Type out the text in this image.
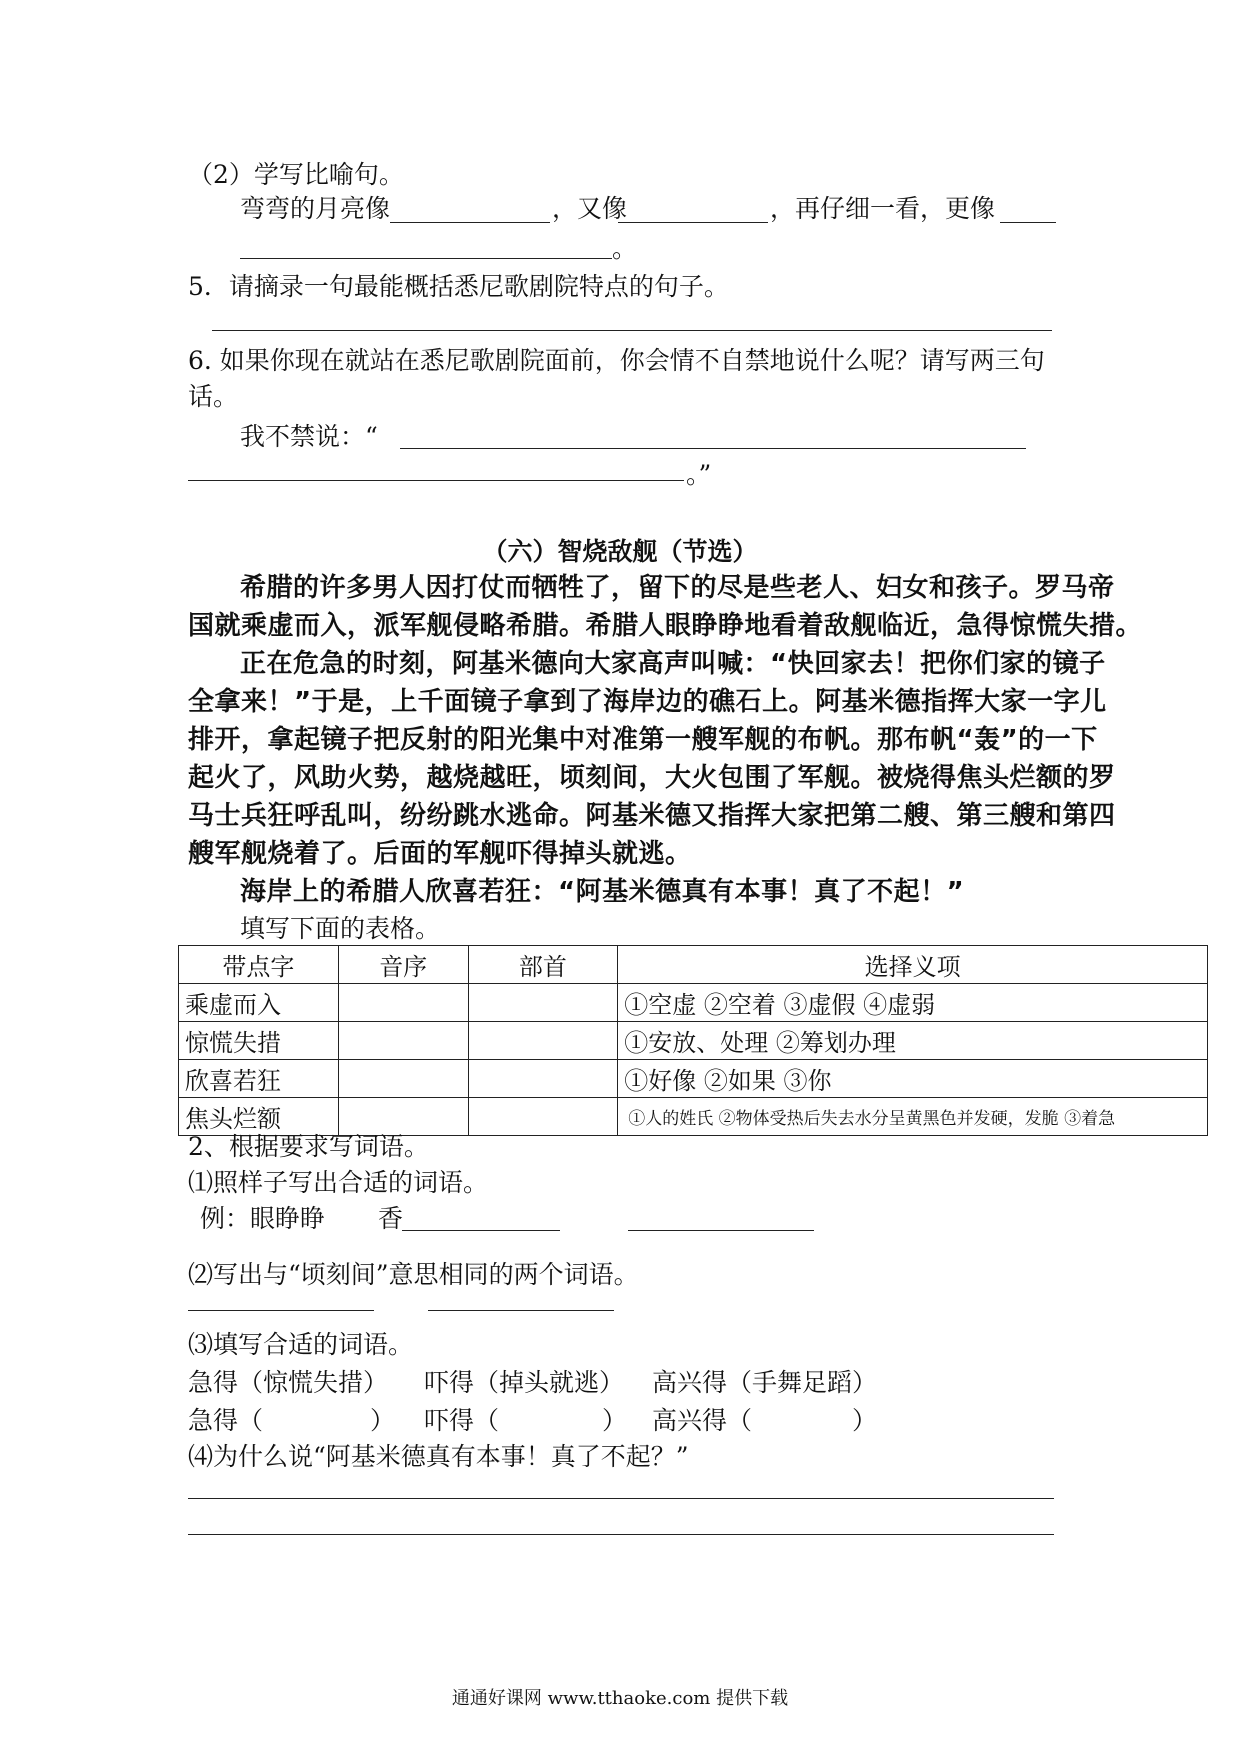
（2）学写比喻句。
弯弯的月亮像	，又像	，再仔细一看，更像
。
5．请摘录一句最能概括悉尼歌剧院特点的句子。
6. 如果你现在就站在悉尼歌剧院面前，你会情不自禁地说什么呢？请写两三句
话。
我不禁说：“
。”
（六）智烧敌舰（节选）
希腊的许多男人因打仗而牺牲了，留下的尽是些老人、妇女和孩子。罗马帝
国就乘虚而入，派军舰侵略希腊。希腊人眼睁睁地看着敌舰临近，急得惊慌失措。
正在危急的时刻，阿基米德向大家高声叫喊：“快回家去！把你们家的镜子
全拿来！”于是，上千面镜子拿到了海岸边的礁石上。阿基米德指挥大家一字儿
排开，拿起镜子把反射的阳光集中对准第一艘军舰的布帆。那布帆“轰”的一下
起火了，风助火势，越烧越旺，顷刻间，大火包围了军舰。被烧得焦头烂额的罗
马士兵狂呼乱叫，纷纷跳水逃命。阿基米德又指挥大家把第二艘、第三艘和第四
艘军舰烧着了。后面的军舰吓得掉头就逃。
海岸上的希腊人欣喜若狂：“阿基米德真有本事！真了不起！”
填写下面的表格。
带点字	音序	部首	选择义项
乘虚而入			①空虚 ②空着 ③虚假 ④虚弱
惊慌失措			①安放、处理 ②筹划办理
欣喜若狂			①好像 ②如果 ③你
焦头烂额			①人的姓氏 ②物体受热后失去水分呈黄黑色并发硬，发脆 ③着急
2、根据要求写词语。
⑴照样子写出合适的词语。
例：眼睁睁 香
⑵写出与“顷刻间”意思相同的两个词语。
⑶填写合适的词语。
急得（惊慌失措） 吓得（掉头就逃） 高兴得（手舞足蹈）
急得（	） 吓得（	） 高兴得（	）
⑷为什么说“阿基米德真有本事！真了不起？”
通通好课网 www.tthaoke.com 提供下载
